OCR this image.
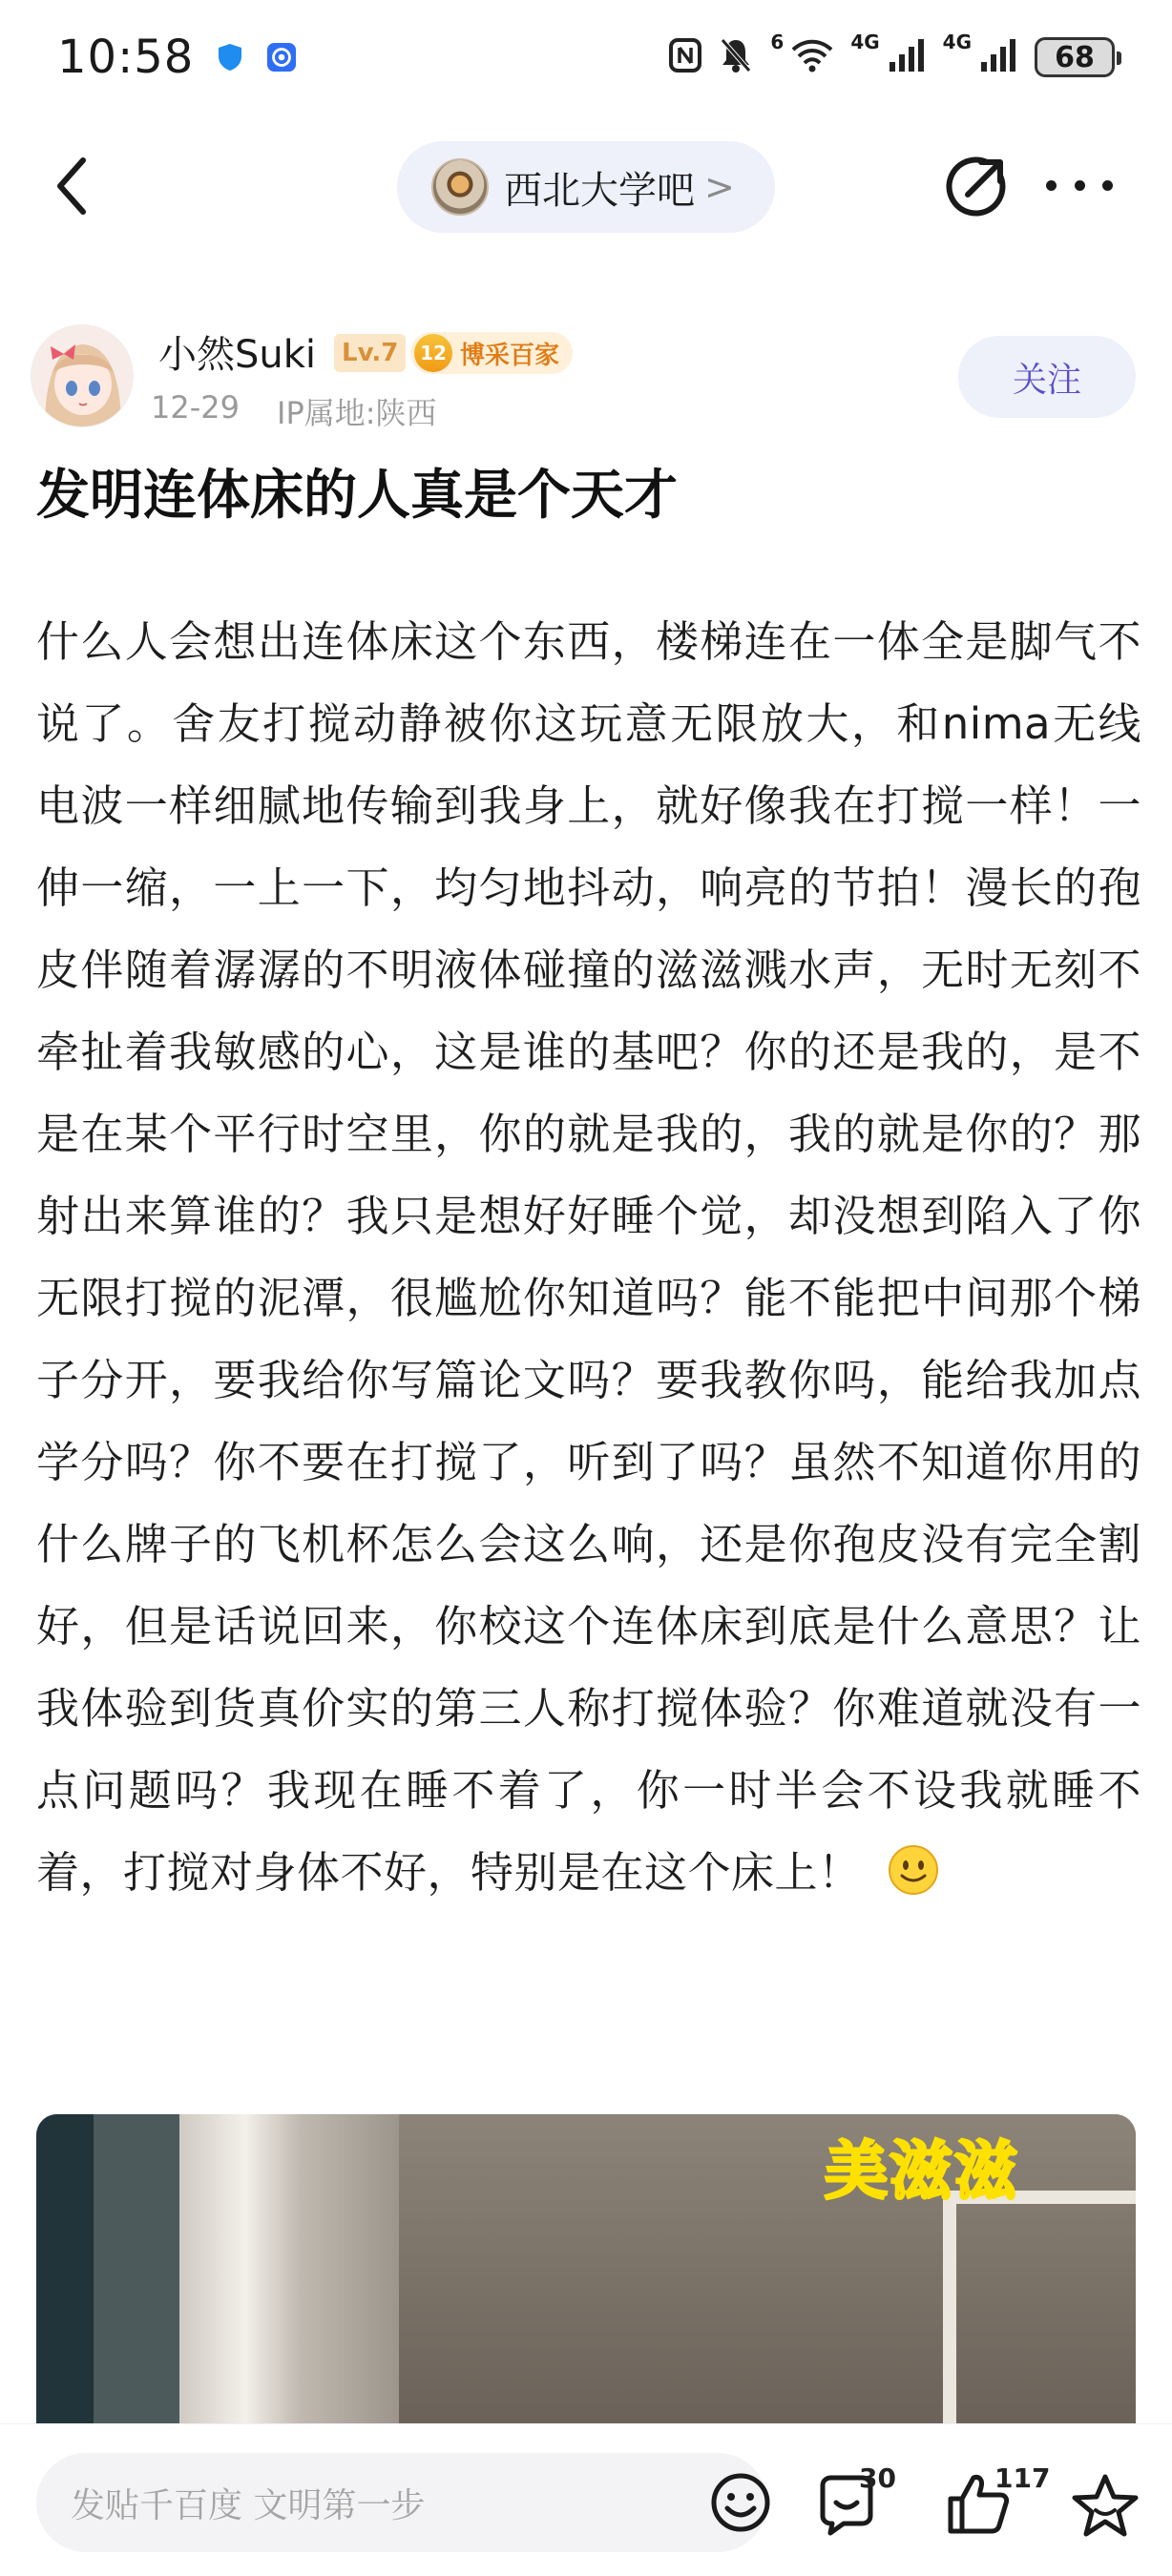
10:58	6	4G	4G	68
西北大学吧 >
小然Suki	Lv.7	12 博采百家
12-29 IP属地:陕西
关注
发明连体床的人真是个天才
什么人会想出连体床这个东西，楼梯连在一体全是脚气不说了。舍友打搅动静被你这玩意无限放大，和nima无线电波一样细腻地传输到我身上，就好像我在打搅一样！一伸一缩，一上一下，均匀地抖动，响亮的节拍！漫长的孢皮伴随着潺潺的不明液体碰撞的滋滋溅水声，无时无刻不牵扯着我敏感的心，这是谁的基吧？你的还是我的，是不是在某个平行时空里，你的就是我的，我的就是你的？那射出来算谁的？我只是想好好睡个觉，却没想到陷入了你无限打搅的泥潭，很尴尬你知道吗？能不能把中间那个梯子分开，要我给你写篇论文吗？要我教你吗，能给我加点学分吗？你不要在打搅了，听到了吗？虽然不知道你用的什么牌子的飞机杯怎么会这么响，还是你孢皮没有完全割好，但是话说回来，你校这个连体床到底是什么意思？让我体验到货真价实的第三人称打搅体验？你难道就没有一点问题吗？我现在睡不着了，你一时半会不设我就睡不着，打搅对身体不好，特别是在这个床上！
美滋滋
发贴千百度 文明第一步
30	117
